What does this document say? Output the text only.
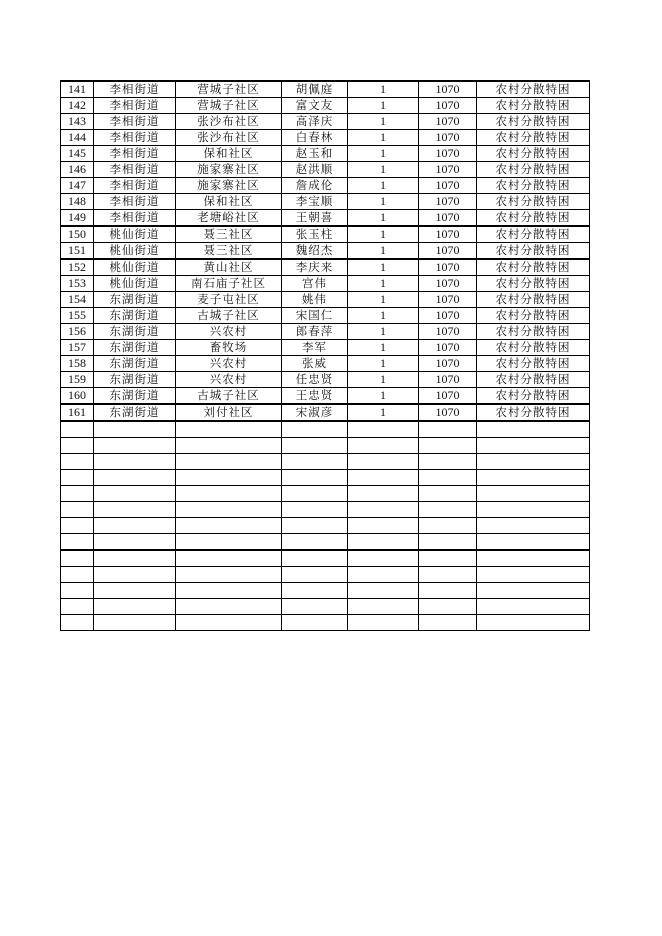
141	李相街道	营城子社区	胡佩庭	1	1070	农村分散特困
142	李相街道	营城子社区	富文友	1	1070	农村分散特困
143	李相街道	张沙布社区	高泽庆	1	1070	农村分散特困
144	李相街道	张沙布社区	白春林	1	1070	农村分散特困
145	李相街道	保和社区	赵玉和	1	1070	农村分散特困
146	李相街道	施家寨社区	赵洪顺	1	1070	农村分散特困
147	李相街道	施家寨社区	詹成伦	1	1070	农村分散特困
148	李相街道	保和社区	李宝顺	1	1070	农村分散特困
149	李相街道	老塘峪社区	王朝喜	1	1070	农村分散特困
150	桃仙街道	聂三社区	张玉柱	1	1070	农村分散特困
151	桃仙街道	聂三社区	魏绍杰	1	1070	农村分散特困
152	桃仙街道	黄山社区	李庆来	1	1070	农村分散特困
153	桃仙街道	南石庙子社区	宫伟	1	1070	农村分散特困
154	东湖街道	麦子屯社区	姚伟	1	1070	农村分散特困
155	东湖街道	古城子社区	宋国仁	1	1070	农村分散特困
156	东湖街道	兴农村	郎春萍	1	1070	农村分散特困
157	东湖街道	畜牧场	李军	1	1070	农村分散特困
158	东湖街道	兴农村	张威	1	1070	农村分散特困
159	东湖街道	兴农村	任忠贤	1	1070	农村分散特困
160	东湖街道	古城子社区	王忠贤	1	1070	农村分散特困
161	东湖街道	刘付社区	宋淑彦	1	1070	农村分散特困
